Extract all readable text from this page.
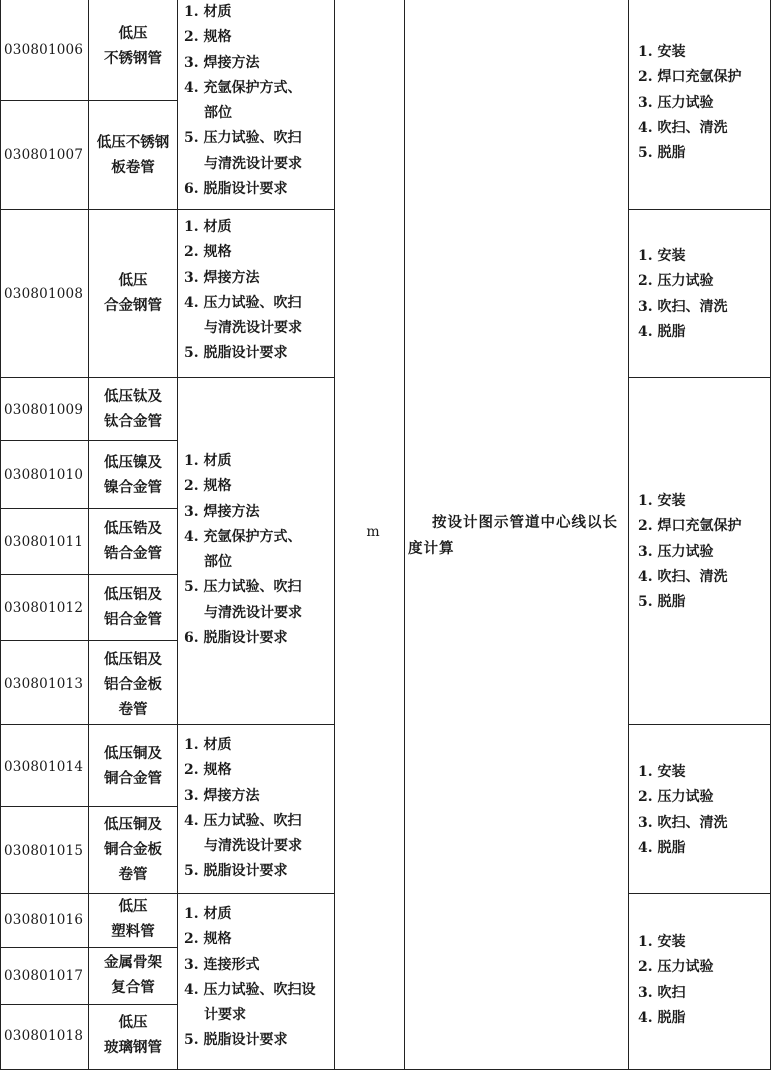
030801006
030801007
030801008
030801009
030801010
030801011
030801012
030801013
030801014
030801015
030801016
030801017
030801018
低压
不锈钢管
低压不锈钢
板卷管
低压
合金钢管
低压钛及
钛合金管
低压镍及
镍合金管
低压锆及
锆合金管
低压铝及
铝合金管
低压铝及
铝合金板
卷管
低压铜及
铜合金管
低压铜及
铜合金板
卷管
低压
塑料管
金属骨架
复合管
低压
玻璃钢管
1. 材质
2. 规格
3. 焊接方法
4. 充氩保护方式、
部位
5. 压力试验、吹扫
与清洗设计要求
6. 脱脂设计要求
1. 材质
2. 规格
3. 焊接方法
4. 压力试验、吹扫
与清洗设计要求
5. 脱脂设计要求
1. 材质
2. 规格
3. 焊接方法
4. 充氩保护方式、
部位
5. 压力试验、吹扫
与清洗设计要求
6. 脱脂设计要求
1. 材质
2. 规格
3. 焊接方法
4. 压力试验、吹扫
与清洗设计要求
5. 脱脂设计要求
1. 材质
2. 规格
3. 连接形式
4. 压力试验、吹扫设
计要求
5. 脱脂设计要求
m
按设计图示管道中心线以长度计算
1. 安装
2. 焊口充氩保护
3. 压力试验
4. 吹扫、清洗
5. 脱脂
1. 安装
2. 压力试验
3. 吹扫、清洗
4. 脱脂
1. 安装
2. 焊口充氩保护
3. 压力试验
4. 吹扫、清洗
5. 脱脂
1. 安装
2. 压力试验
3. 吹扫、清洗
4. 脱脂
1. 安装
2. 压力试验
3. 吹扫
4. 脱脂
